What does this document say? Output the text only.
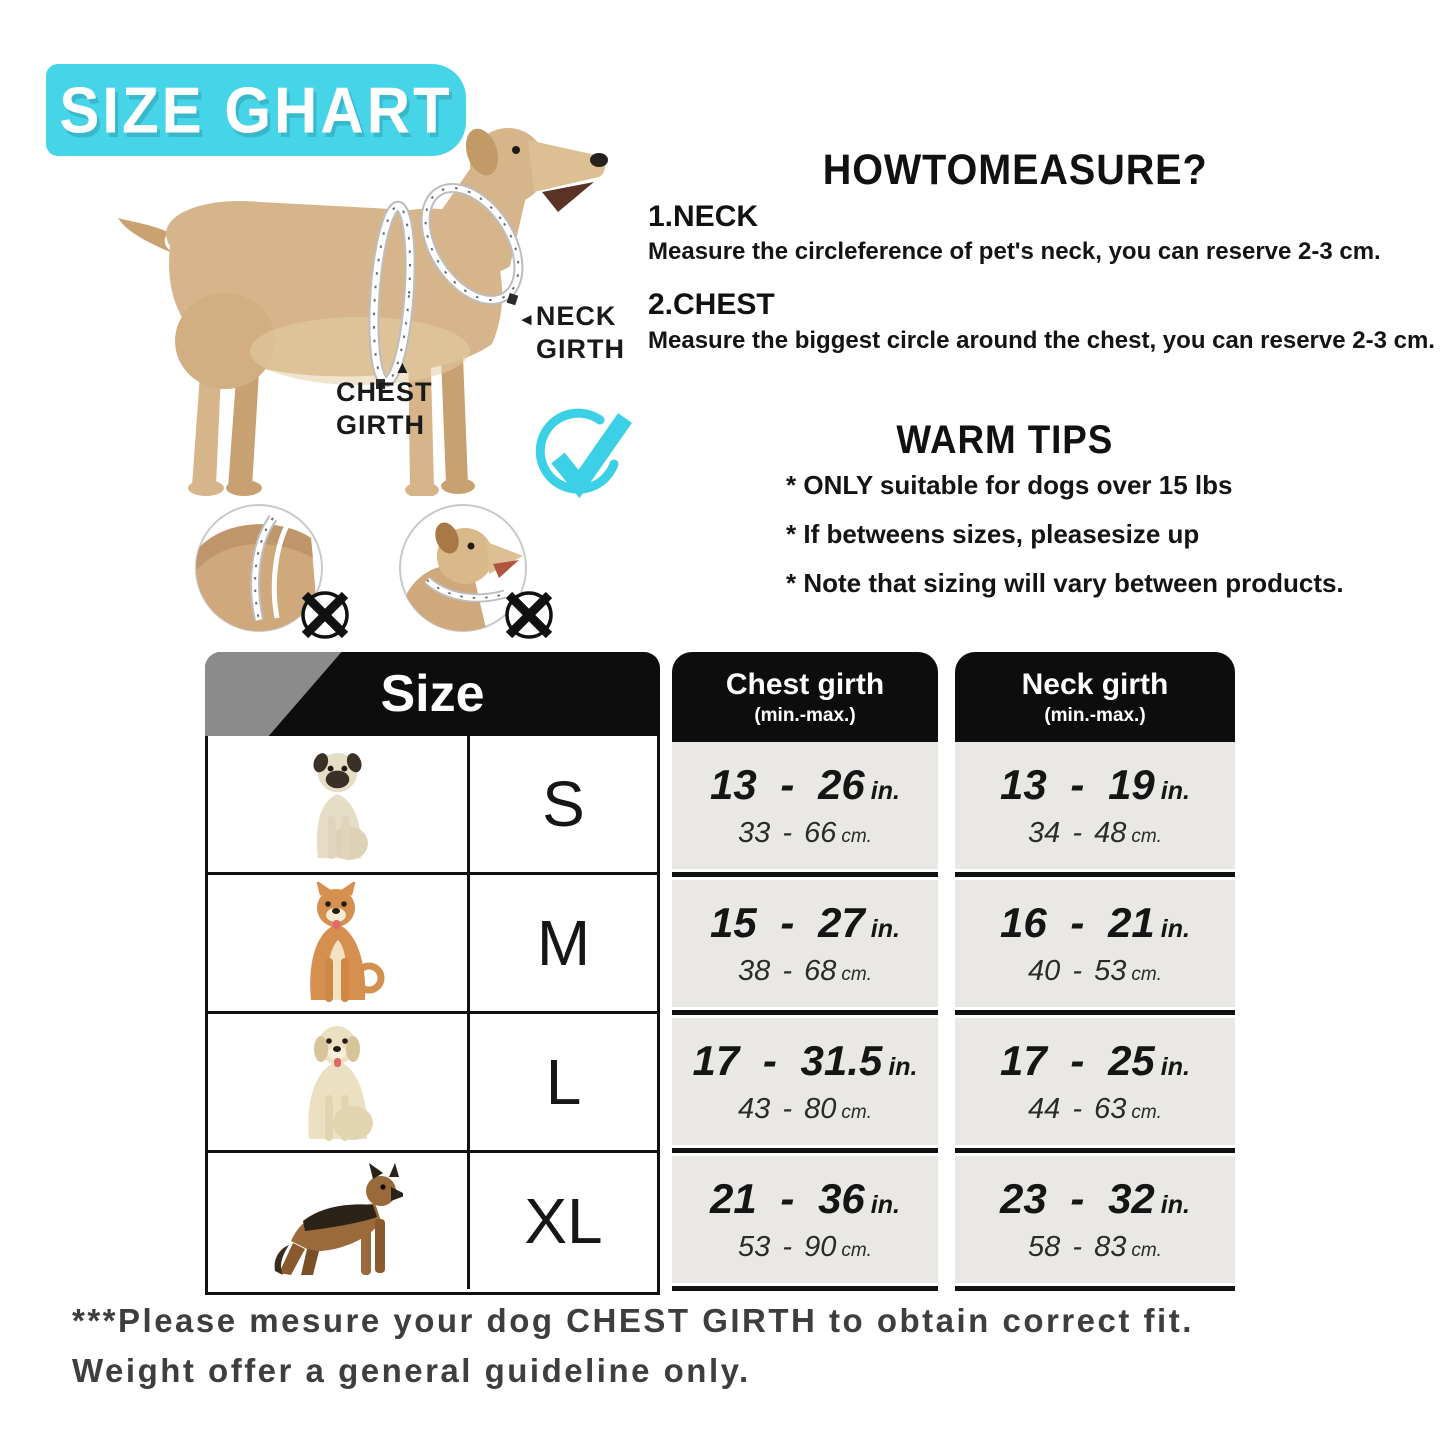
SIZE GHART
◄NECK
GIRTH
▲
CHEST
GIRTH
HOWTOMEASURE?
1.NECK
Measure the circleference of pet's neck, you can reserve 2-3 cm.
2.CHEST
Measure the biggest circle around the chest, you can reserve 2-3 cm.
WARM TIPS
* ONLY suitable for dogs over 15 lbs
* If betweens sizes, pleasesize up
* Note that sizing will vary between products.
Size
S
M
L
XL
Chest girth
(min.-max.)
13 - 26 in.
33 - 66 cm.
15 - 27 in.
38 - 68 cm.
17 - 31.5 in.
43 - 80 cm.
21 - 36 in.
53 - 90 cm.
Neck girth
(min.-max.)
13 - 19 in.
34 - 48 cm.
16 - 21 in.
40 - 53 cm.
17 - 25 in.
44 - 63 cm.
23 - 32 in.
58 - 83 cm.
***Please mesure your dog CHEST GIRTH to obtain correct fit.
Weight offer a general guideline only.
